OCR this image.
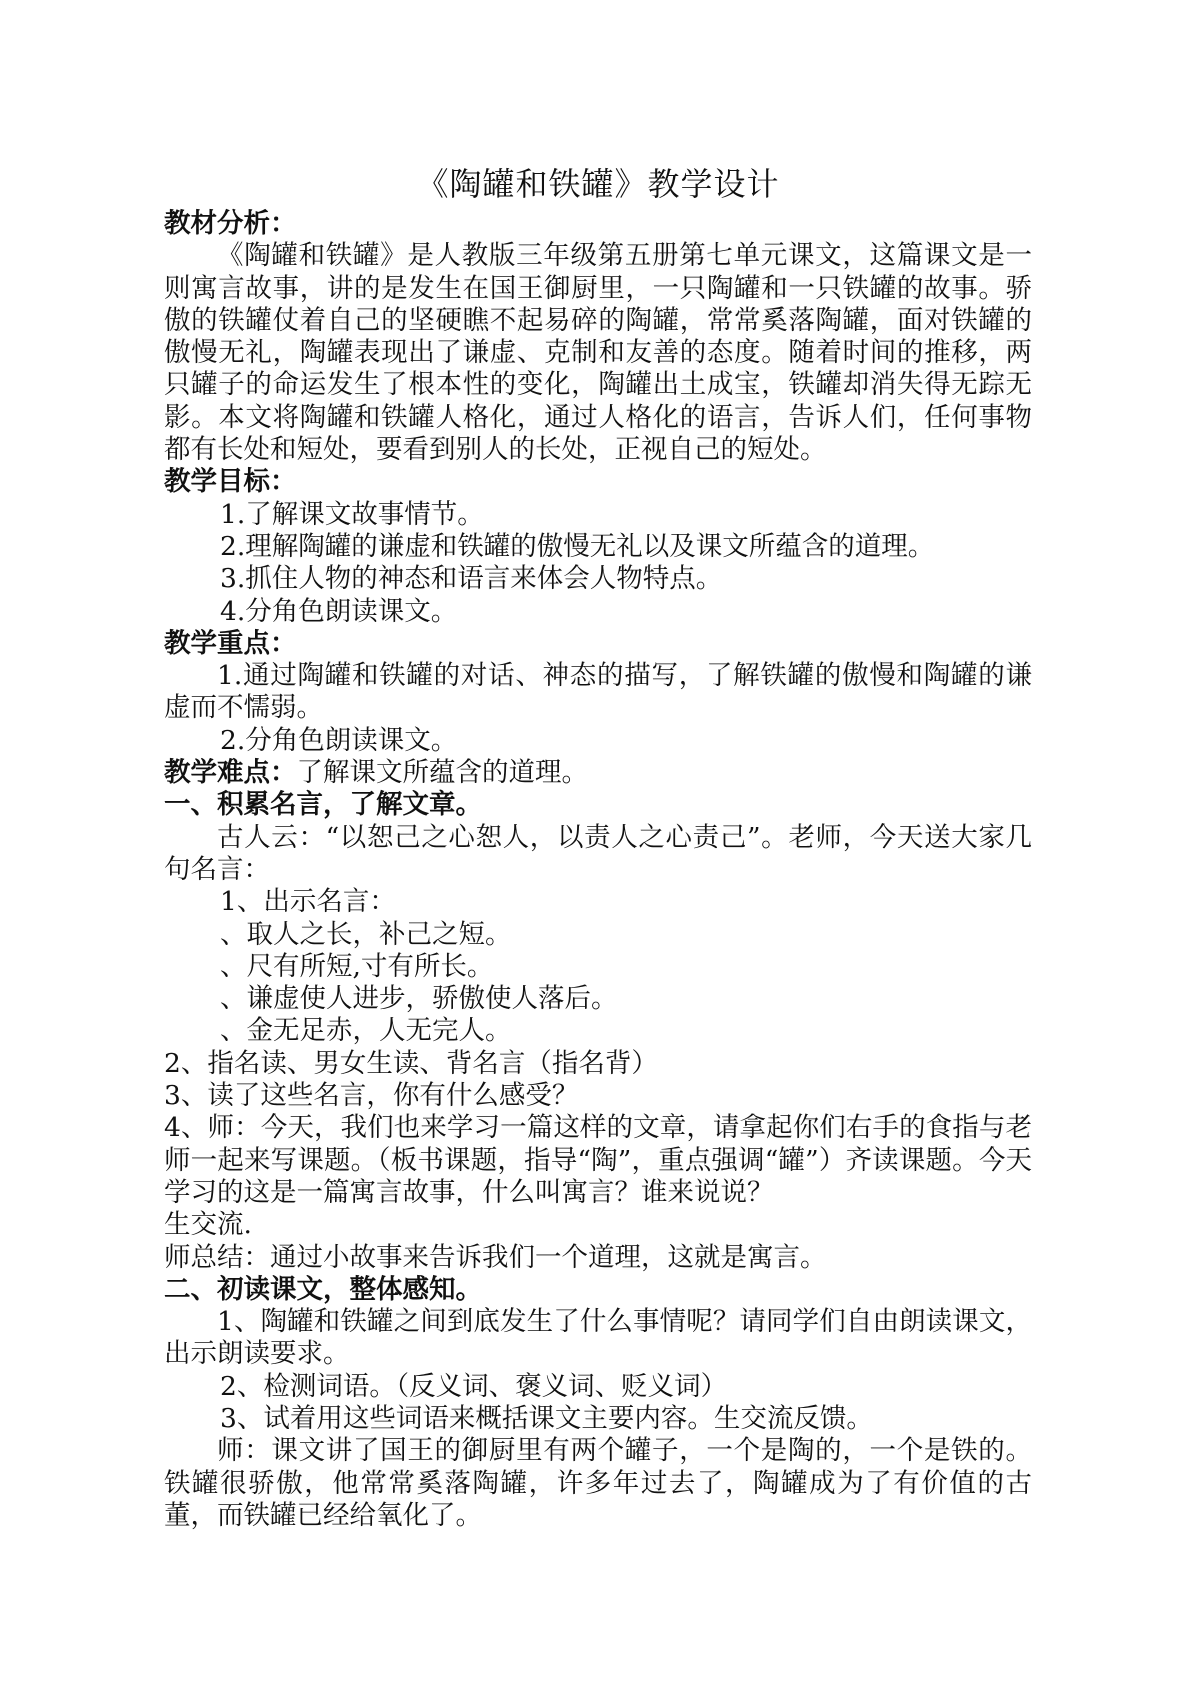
《陶罐和铁罐》教学设计
教材分析：
《陶罐和铁罐》是人教版三年级第五册第七单元课文，这篇课文是一则寓言故事，讲的是发生在国王御厨里，一只陶罐和一只铁罐的故事。骄傲的铁罐仗着自己的坚硬瞧不起易碎的陶罐，常常奚落陶罐，面对铁罐的傲慢无礼，陶罐表现出了谦虚、克制和友善的态度。随着时间的推移，两只罐子的命运发生了根本性的变化，陶罐出土成宝，铁罐却消失得无踪无影。本文将陶罐和铁罐人格化，通过人格化的语言，告诉人们，任何事物都有长处和短处，要看到别人的长处，正视自己的短处。
教学目标：
1.了解课文故事情节。
2.理解陶罐的谦虚和铁罐的傲慢无礼以及课文所蕴含的道理。
3.抓住人物的神态和语言来体会人物特点。
4.分角色朗读课文。
教学重点：
1.通过陶罐和铁罐的对话、神态的描写，了解铁罐的傲慢和陶罐的谦虚而不懦弱。
2.分角色朗读课文。
教学难点：了解课文所蕴含的道理。
一、积累名言，了解文章。
古人云：“以恕己之心恕人，以责人之心责己”。老师，今天送大家几句名言：
1、出示名言：
、取人之长，补己之短。
、尺有所短,寸有所长。
、谦虚使人进步，骄傲使人落后。
、金无足赤，人无完人。
2、指名读、男女生读、背名言（指名背）
3、读了这些名言，你有什么感受？
4、师：今天，我们也来学习一篇这样的文章，请拿起你们右手的食指与老师一起来写课题。（板书课题，指导“陶”，重点强调“罐”）齐读课题。今天学习的这是一篇寓言故事，什么叫寓言？谁来说说？
生交流.
师总结：通过小故事来告诉我们一个道理，这就是寓言。
二、初读课文，整体感知。
1、陶罐和铁罐之间到底发生了什么事情呢？请同学们自由朗读课文，出示朗读要求。
2、检测词语。（反义词、褒义词、贬义词）
3、试着用这些词语来概括课文主要内容。生交流反馈。
师：课文讲了国王的御厨里有两个罐子，一个是陶的，一个是铁的。铁罐很骄傲，他常常奚落陶罐，许多年过去了，陶罐成为了有价值的古董，而铁罐已经给氧化了。
